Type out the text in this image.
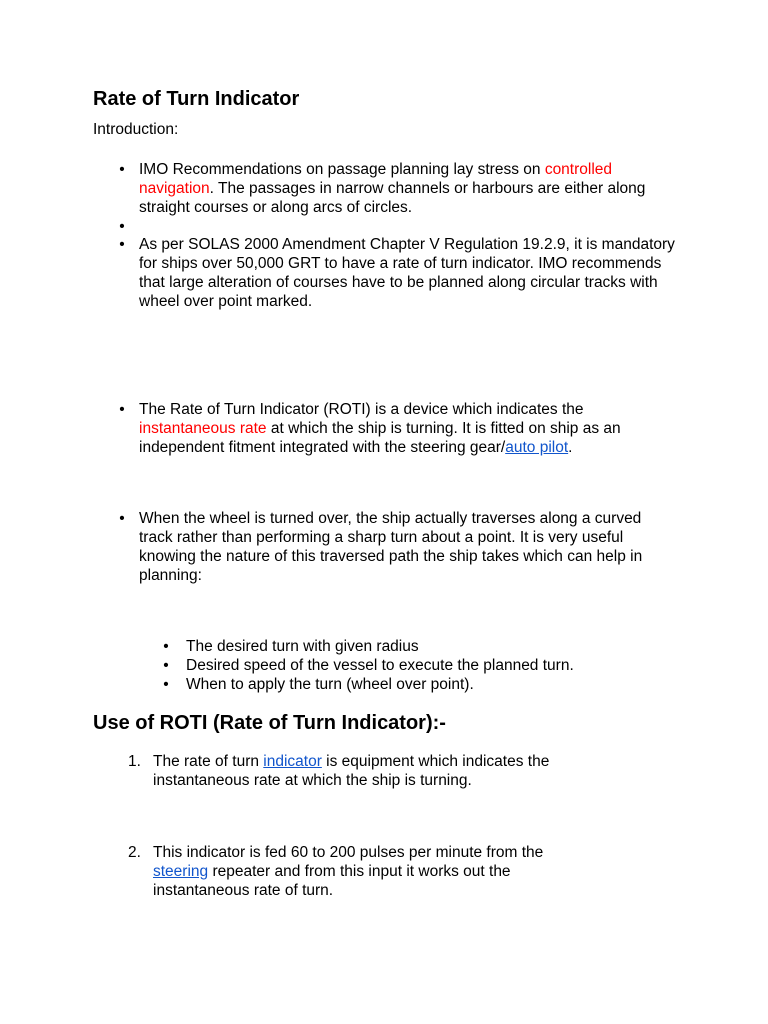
Rate of Turn Indicator

Introduction:

• IMO Recommendations on passage planning lay stress on controlled navigation. The passages in narrow channels or harbours are either along straight courses or along arcs of circles.
•
• As per SOLAS 2000 Amendment Chapter V Regulation 19.2.9, it is mandatory for ships over 50,000 GRT to have a rate of turn indicator. IMO recommends that large alteration of courses have to be planned along circular tracks with wheel over point marked.
• The Rate of Turn Indicator (ROTI) is a device which indicates the instantaneous rate at which the ship is turning. It is fitted on ship as an independent fitment integrated with the steering gear/auto pilot.
• When the wheel is turned over, the ship actually traverses along a curved track rather than performing a sharp turn about a point. It is very useful knowing the nature of this traversed path the ship takes which can help in planning:
• The desired turn with given radius
• Desired speed of the vessel to execute the planned turn.
• When to apply the turn (wheel over point).
Use of ROTI (Rate of Turn Indicator):-
1. The rate of turn indicator is equipment which indicates the instantaneous rate at which the ship is turning.
2. This indicator is fed 60 to 200 pulses per minute from the steering repeater and from this input it works out the instantaneous rate of turn.
